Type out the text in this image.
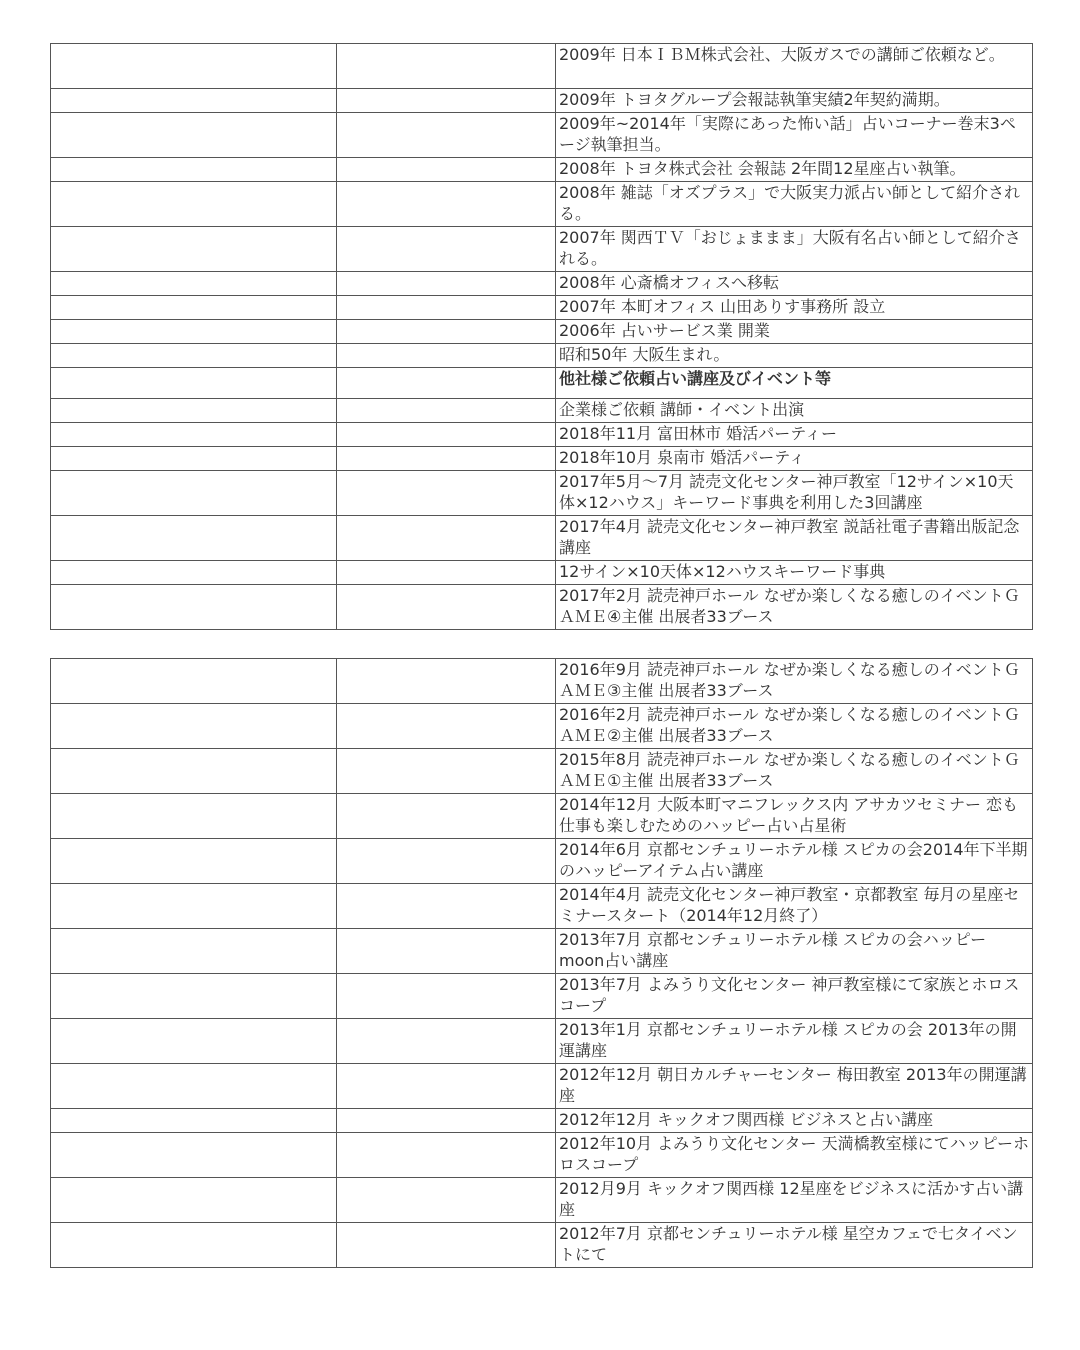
		2009年 日本ＩＢＭ株式会社、大阪ガスでの講師ご依頼など。
		2009年 トヨタグループ会報誌執筆実績2年契約満期。
		2009年~2014年「実際にあった怖い話」占いコーナー巻末3ページ執筆担当。
		2008年 トヨタ株式会社 会報誌 2年間12星座占い執筆。
		2008年 雑誌「オズプラス」で大阪実力派占い師として紹介される。
		2007年 関西ＴＶ「おじょままま」大阪有名占い師として紹介される。
		2008年 心斎橋オフィスへ移転
		2007年 本町オフィス 山田ありす事務所 設立
		2006年 占いサービス業 開業
		昭和50年 大阪生まれ。
		他社様ご依頼占い講座及びイベント等
		企業様ご依頼 講師・イベント出演
		2018年11月 富田林市 婚活パーティー
		2018年10月 泉南市 婚活パーティ
		2017年5月～7月 読売文化センター神戸教室「12サイン×10天体×12ハウス」キーワード事典を利用した3回講座
		2017年4月 読売文化センター神戸教室 説話社電子書籍出版記念講座
		12サイン×10天体×12ハウスキーワード事典
		2017年2月 読売神戸ホール なぜか楽しくなる癒しのイベントＧＡＭＥ④主催 出展者33ブース
		2016年9月 読売神戸ホール なぜか楽しくなる癒しのイベントＧＡＭＥ③主催 出展者33ブース
		2016年2月 読売神戸ホール なぜか楽しくなる癒しのイベントＧＡＭＥ②主催 出展者33ブース
		2015年8月 読売神戸ホール なぜか楽しくなる癒しのイベントＧＡＭＥ①主催 出展者33ブース
		2014年12月 大阪本町マニフレックス内 アサカツセミナー 恋も仕事も楽しむためのハッピー占い占星術
		2014年6月 京都センチュリーホテル様 スピカの会2014年下半期のハッピーアイテム占い講座
		2014年4月 読売文化センター神戸教室・京都教室 毎月の星座セミナースタート（2014年12月終了）
		2013年7月 京都センチュリーホテル様 スピカの会ハッピーmoon占い講座
		2013年7月 よみうり文化センター 神戸教室様にて家族とホロスコープ
		2013年1月 京都センチュリーホテル様 スピカの会 2013年の開運講座
		2012年12月 朝日カルチャーセンター 梅田教室 2013年の開運講座
		2012年12月 キックオフ関西様 ビジネスと占い講座
		2012年10月 よみうり文化センター 天満橋教室様にてハッピーホロスコープ
		2012月9月 キックオフ関西様 12星座をビジネスに活かす占い講座
		2012年7月 京都センチュリーホテル様 星空カフェで七タイベントにて
